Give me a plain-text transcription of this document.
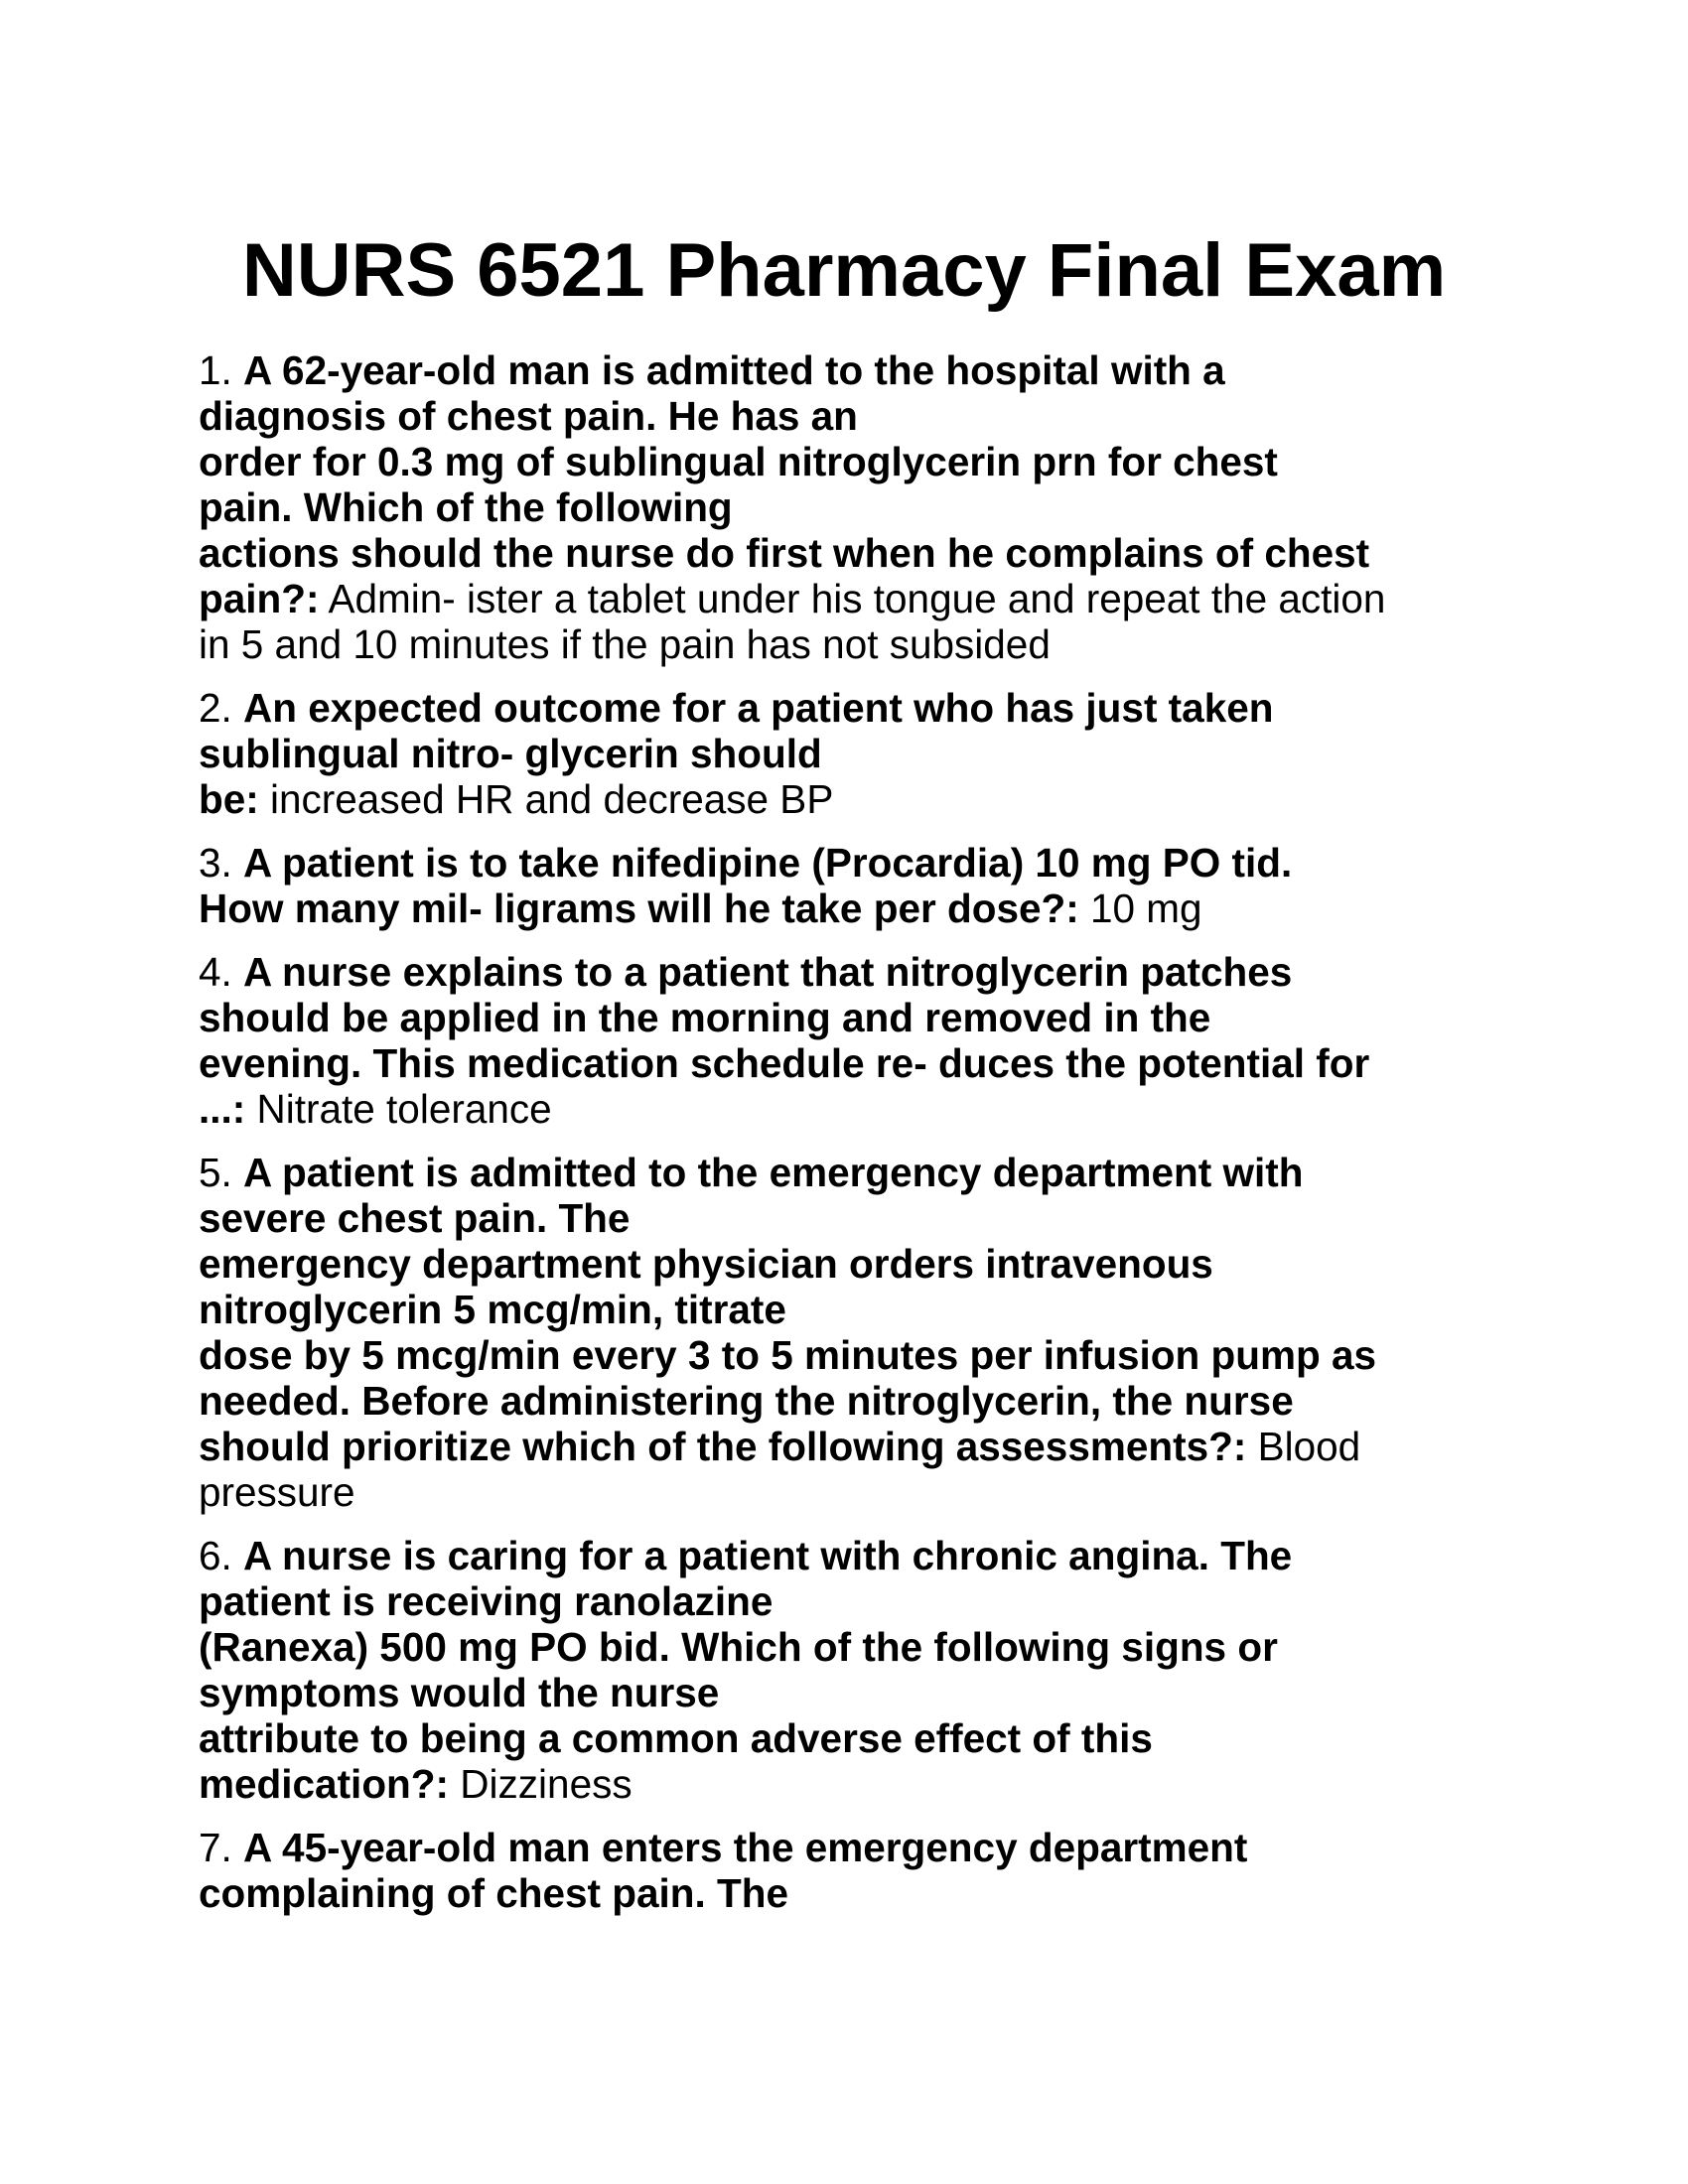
NURS 6521 Pharmacy Final Exam
1. A 62-year-old man is admitted to the hospital with a
diagnosis of chest pain. He has an
order for 0.3 mg of sublingual nitroglycerin prn for chest
pain. Which of the following
actions should the nurse do first when he complains of chest
pain?: Admin- ister a tablet under his tongue and repeat the action
in 5 and 10 minutes if the pain has not subsided
2. An expected outcome for a patient who has just taken
sublingual nitro- glycerin should
be: increased HR and decrease BP
3. A patient is to take nifedipine (Procardia) 10 mg PO tid.
How many mil- ligrams will he take per dose?: 10 mg
4. A nurse explains to a patient that nitroglycerin patches
should be applied in the morning and removed in the
evening. This medication schedule re- duces the potential for
...: Nitrate tolerance
5. A patient is admitted to the emergency department with
severe chest pain. The
emergency department physician orders intravenous
nitroglycerin 5 mcg/min, titrate
dose by 5 mcg/min every 3 to 5 minutes per infusion pump as
needed. Before administering the nitroglycerin, the nurse
should prioritize which of the following assessments?: Blood
pressure
6. A nurse is caring for a patient with chronic angina. The
patient is receiving ranolazine
(Ranexa) 500 mg PO bid. Which of the following signs or
symptoms would the nurse
attribute to being a common adverse effect of this
medication?: Dizziness
7. A 45-year-old man enters the emergency department
complaining of chest pain. The
